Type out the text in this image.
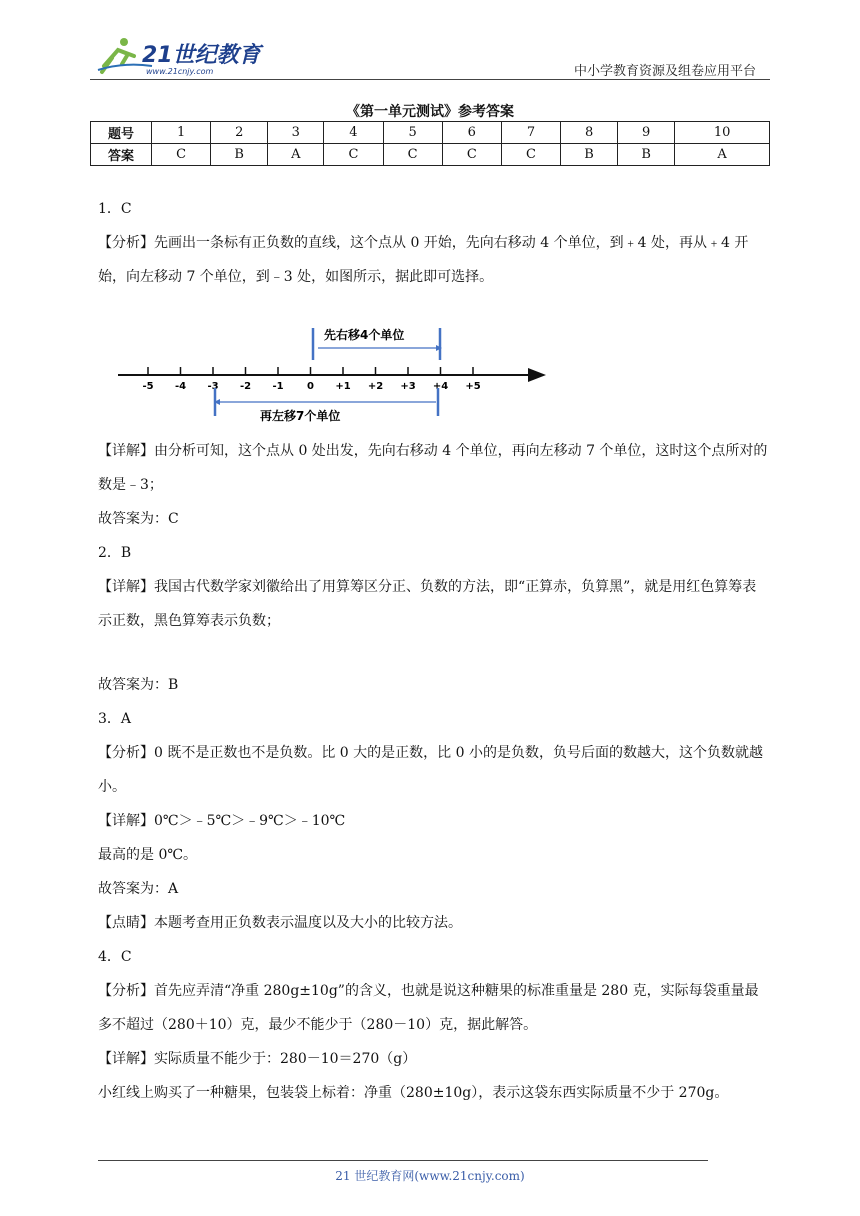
21世纪教育
www.21cnjy.com	中小学教育资源及组卷应用平台
《第一单元测试》参考答案
题号	1	2	3	4	5	6	7	8	9	10
答案	C	B	A	C	C	C	C	B	B	A

1．C

【分析】先画出一条标有正负数的直线，这个点从 0 开始，先向右移动 4 个单位，到﹢4 处，再从﹢4 开始，向左移动 7 个单位，到﹣3 处，如图所示，据此即可选择。

【详解】由分析可知，这个点从 0 处出发，先向右移动 4 个单位，再向左移动 7 个单位，这时这个点所对的数是﹣3；

故答案为：C

2．B

【详解】我国古代数学家刘徽给出了用算筹区分正、负数的方法，即“正算赤，负算黑”，就是用红色算筹表示正数，黑色算筹表示负数；

故答案为：B

3．A

【分析】0 既不是正数也不是负数。比 0 大的是正数，比 0 小的是负数，负号后面的数越大，这个负数就越小。

【详解】0℃＞﹣5℃＞﹣9℃＞﹣10℃

最高的是 0℃。

故答案为：A

【点睛】本题考查用正负数表示温度以及大小的比较方法。

4．C

【分析】首先应弄清“净重 280g±10g”的含义，也就是说这种糖果的标准重量是 280 克，实际每袋重量最多不超过（280＋10）克，最少不能少于（280－10）克，据此解答。

【详解】实际质量不能少于：280－10＝270（g）

小红线上购买了一种糖果，包装袋上标着：净重（280±10g），表示这袋东西实际质量不少于 270g。

-5 -4 -3 -2 -1 0 +1 +2 +3 +4 +5
先右移4个单位
再左移7个单位
21 世纪教育网(www.21cnjy.com)
